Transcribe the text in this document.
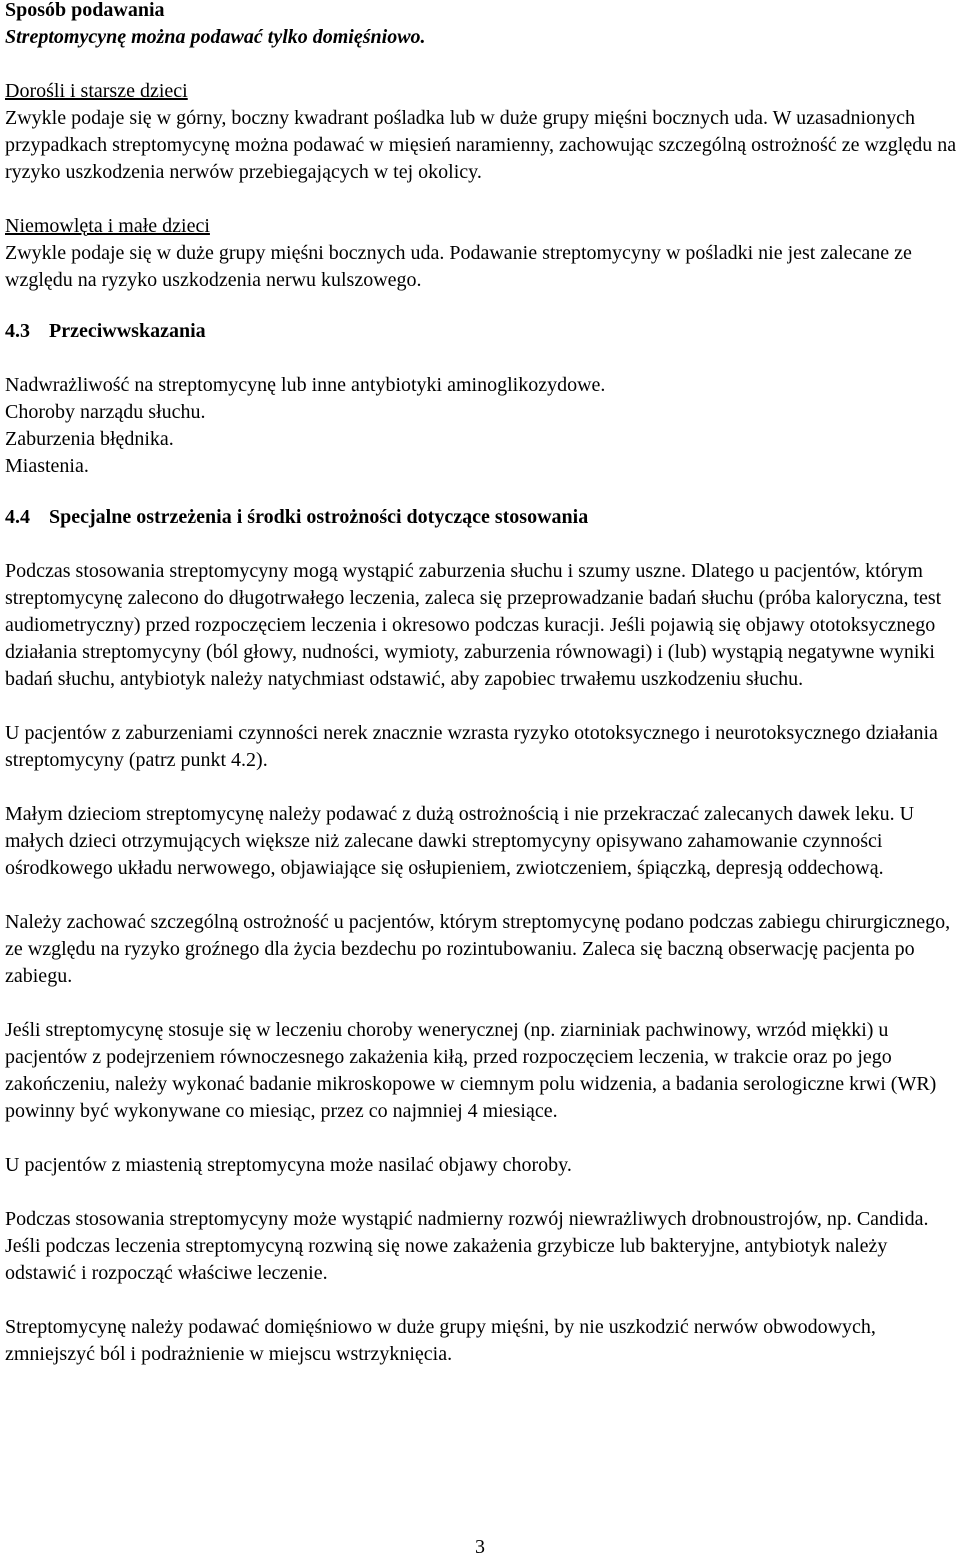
Sposób podawania

Streptomycynę można podawać tylko domięśniowo.

Dorośli i starsze dzieci

Zwykle podaje się w górny, boczny kwadrant pośladka lub w duże grupy mięśni bocznych uda. W uzasadnionych przypadkach streptomycynę można podawać w mięsień naramienny, zachowując szczególną ostrożność ze względu na ryzyko uszkodzenia nerwów przebiegających w tej okolicy.

Niemowlęta i małe dzieci

Zwykle podaje się w duże grupy mięśni bocznych uda. Podawanie streptomycyny w pośladki nie jest zalecane ze względu na ryzyko uszkodzenia nerwu kulszowego.

4.3 Przeciwwskazania

Nadwrażliwość na streptomycynę lub inne antybiotyki aminoglikozydowe.

Choroby narządu słuchu.

Zaburzenia błędnika.

Miastenia.

4.4 Specjalne ostrzeżenia i środki ostrożności dotyczące stosowania

Podczas stosowania streptomycyny mogą wystąpić zaburzenia słuchu i szumy uszne. Dlatego u pacjentów, którym streptomycynę zalecono do długotrwałego leczenia, zaleca się przeprowadzanie badań słuchu (próba kaloryczna, test audiometryczny) przed rozpoczęciem leczenia i okresowo podczas kuracji. Jeśli pojawią się objawy ototoksycznego działania streptomycyny (ból głowy, nudności, wymioty, zaburzenia równowagi) i (lub) wystąpią negatywne wyniki badań słuchu, antybiotyk należy natychmiast odstawić, aby zapobiec trwałemu uszkodzeniu słuchu.

U pacjentów z zaburzeniami czynności nerek znacznie wzrasta ryzyko ototoksycznego i neurotoksycznego działania streptomycyny (patrz punkt 4.2).

Małym dzieciom streptomycynę należy podawać z dużą ostrożnością i nie przekraczać zalecanych dawek leku. U małych dzieci otrzymujących większe niż zalecane dawki streptomycyny opisywano zahamowanie czynności ośrodkowego układu nerwowego, objawiające się osłupieniem, zwiotczeniem, śpiączką, depresją oddechową.

Należy zachować szczególną ostrożność u pacjentów, którym streptomycynę podano podczas zabiegu chirurgicznego, ze względu na ryzyko groźnego dla życia bezdechu po rozintubowaniu. Zaleca się baczną obserwację pacjenta po zabiegu.

Jeśli streptomycynę stosuje się w leczeniu choroby wenerycznej (np. ziarniniak pachwinowy, wrzód miękki) u pacjentów z podejrzeniem równoczesnego zakażenia kiłą, przed rozpoczęciem leczenia, w trakcie oraz po jego zakończeniu, należy wykonać badanie mikroskopowe w ciemnym polu widzenia, a badania serologiczne krwi (WR) powinny być wykonywane co miesiąc, przez co najmniej 4 miesiące.

U pacjentów z miastenią streptomycyna może nasilać objawy choroby.

Podczas stosowania streptomycyny może wystąpić nadmierny rozwój niewrażliwych drobnoustrojów, np. Candida. Jeśli podczas leczenia streptomycyną rozwiną się nowe zakażenia grzybicze lub bakteryjne, antybiotyk należy odstawić i rozpocząć właściwe leczenie.

Streptomycynę należy podawać domięśniowo w duże grupy mięśni, by nie uszkodzić nerwów obwodowych, zmniejszyć ból i podrażnienie w miejscu wstrzyknięcia.

3
